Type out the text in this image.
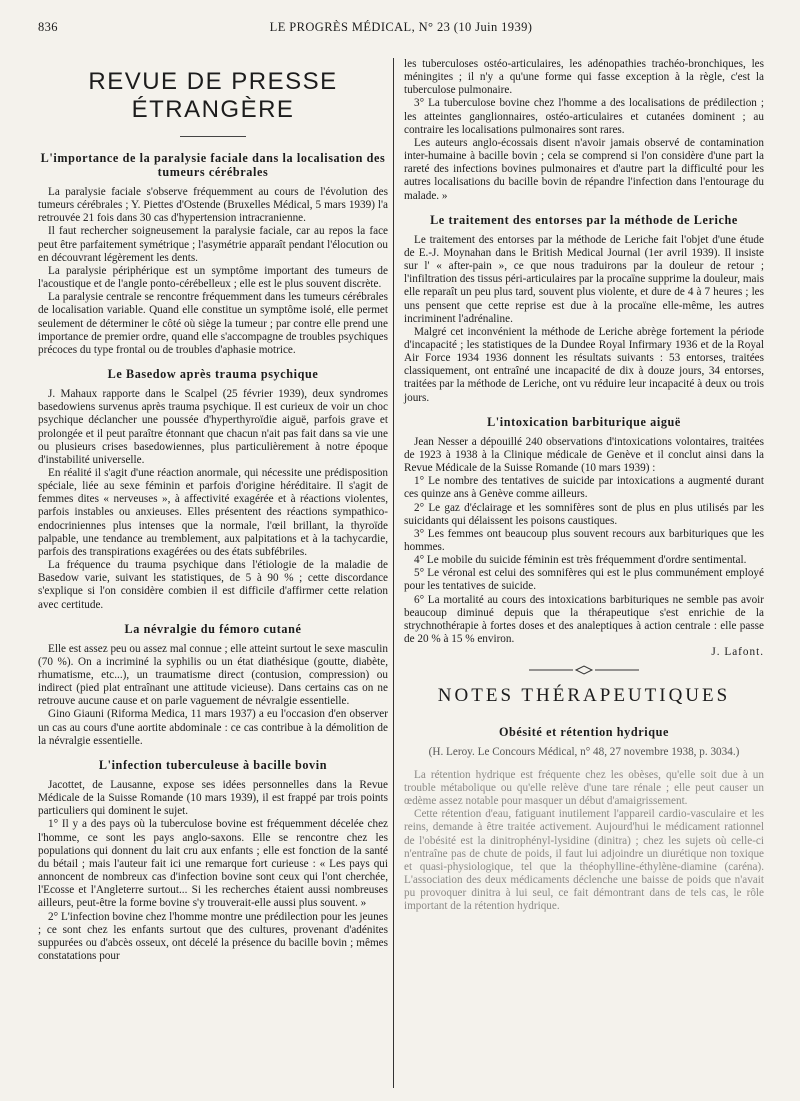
836	LE PROGRÈS MÉDICAL, N° 23 (10 Juin 1939)
REVUE DE PRESSE ÉTRANGÈRE
L'importance de la paralysie faciale dans la localisation des tumeurs cérébrales

La paralysie faciale s'observe fréquemment au cours de l'évolution des tumeurs cérébrales ; Y. Piettes d'Ostende (Bruxelles Médical, 5 mars 1939) l'a retrouvée 21 fois dans 30 cas d'hypertension intracranienne.

Il faut rechercher soigneusement la paralysie faciale, car au repos la face peut être parfaitement symétrique ; l'asymétrie apparaît pendant l'élocution ou en découvrant légèrement les dents.

La paralysie périphérique est un symptôme important des tumeurs de l'acoustique et de l'angle ponto-cérébelleux ; elle est le plus souvent discrète.

La paralysie centrale se rencontre fréquemment dans les tumeurs cérébrales de localisation variable. Quand elle constitue un symptôme isolé, elle permet seulement de déterminer le côté où siège la tumeur ; par contre elle prend une importance de premier ordre, quand elle s'accompagne de troubles psychiques précoces du type frontal ou de troubles d'aphasie motrice.

Le Basedow après trauma psychique

J. Mahaux rapporte dans le Scalpel (25 février 1939), deux syndromes basedowiens survenus après trauma psychique. Il est curieux de voir un choc psychique déclancher une poussée d'hyperthyroïdie aiguë, parfois grave et prolongée et il peut paraître étonnant que chacun n'ait pas fait dans sa vie une ou plusieurs crises basedowiennes, plus particulièrement à notre époque d'instabilité universelle.

En réalité il s'agit d'une réaction anormale, qui nécessite une prédisposition spéciale, liée au sexe féminin et parfois d'origine héréditaire. Il s'agit de femmes dites « nerveuses », à affectivité exagérée et à réactions violentes, parfois instables ou anxieuses. Elles présentent des réactions sympathico-endocriniennes plus intenses que la normale, l'œil brillant, la thyroïde palpable, une tendance au tremblement, aux palpitations et à la tachycardie, parfois des transpirations exagérées ou des états subfébriles.

La fréquence du trauma psychique dans l'étiologie de la maladie de Basedow varie, suivant les statistiques, de 5 à 90 % ; cette discordance s'explique si l'on considère combien il est difficile d'affirmer cette relation avec certitude.

La névralgie du fémoro cutané

Elle est assez peu ou assez mal connue ; elle atteint surtout le sexe masculin (70 %). On a incriminé la syphilis ou un état diathésique (goutte, diabète, rhumatisme, etc...), un traumatisme direct (contusion, compression) ou indirect (pied plat entraînant une attitude vicieuse). Dans certains cas on ne retrouve aucune cause et on parle vaguement de névralgie essentielle.

Gino Giauni (Riforma Medica, 11 mars 1937) a eu l'occasion d'en observer un cas au cours d'une aortite abdominale : ce cas contribue à la démolition de la névralgie essentielle.

L'infection tuberculeuse à bacille bovin

Jacottet, de Lausanne, expose ses idées personnelles dans la Revue Médicale de la Suisse Romande (10 mars 1939), il est frappé par trois points particuliers qui dominent le sujet.

1° Il y a des pays où la tuberculose bovine est fréquemment décelée chez l'homme, ce sont les pays anglo-saxons. Elle se rencontre chez les populations qui donnent du lait cru aux enfants ; elle est fonction de la santé du bétail ; mais l'auteur fait ici une remarque fort curieuse : « Les pays qui annoncent de nombreux cas d'infection bovine sont ceux qui l'ont cherchée, l'Ecosse et l'Angleterre surtout... Si les recherches étaient aussi nombreuses ailleurs, peut-être la forme bovine s'y trouverait-elle aussi plus souvent. »

2° L'infection bovine chez l'homme montre une prédilection pour les jeunes ; ce sont chez les enfants surtout que des cultures, provenant d'adénites suppurées ou d'abcès osseux, ont décelé la présence du bacille bovin ; mêmes constatations pour

les tuberculoses ostéo-articulaires, les adénopathies trachéo-bronchiques, les méningites ; il n'y a qu'une forme qui fasse exception à la règle, c'est la tuberculose pulmonaire.

3° La tuberculose bovine chez l'homme a des localisations de prédilection ; les atteintes ganglionnaires, ostéo-articulaires et cutanées dominent ; au contraire les localisations pulmonaires sont rares.

Les auteurs anglo-écossais disent n'avoir jamais observé de contamination inter-humaine à bacille bovin ; cela se comprend si l'on considère d'une part la rareté des infections bovines pulmonaires et d'autre part la difficulté pour les autres localisations du bacille bovin de répandre l'infection dans l'entourage du malade. »

Le traitement des entorses par la méthode de Leriche

Le traitement des entorses par la méthode de Leriche fait l'objet d'une étude de E.-J. Moynahan dans le British Medical Journal (1er avril 1939). Il insiste sur l' « after-pain », ce que nous traduirons par la douleur de retour ; l'infiltration des tissus péri-articulaires par la procaïne supprime la douleur, mais elle reparaît un peu plus tard, souvent plus violente, et dure de 4 à 7 heures ; les uns pensent que cette reprise est due à la procaïne elle-même, les autres incriminent l'adrénaline.

Malgré cet inconvénient la méthode de Leriche abrège fortement la période d'incapacité ; les statistiques de la Dundee Royal Infirmary 1936 et de la Royal Air Force 1934 1936 donnent les résultats suivants : 53 entorses, traitées classiquement, ont entraîné une incapacité de dix à douze jours, 34 entorses, traitées par la méthode de Leriche, ont vu réduire leur incapacité à deux ou trois jours.

L'intoxication barbiturique aiguë

Jean Nesser a dépouillé 240 observations d'intoxications volontaires, traitées de 1923 à 1938 à la Clinique médicale de Genève et il conclut ainsi dans la Revue Médicale de la Suisse Romande (10 mars 1939) :

1° Le nombre des tentatives de suicide par intoxications a augmenté durant ces quinze ans à Genève comme ailleurs.

2° Le gaz d'éclairage et les somnifères sont de plus en plus utilisés par les suicidants qui délaissent les poisons caustiques.

3° Les femmes ont beaucoup plus souvent recours aux barbituriques que les hommes.

4° Le mobile du suicide féminin est très fréquemment d'ordre sentimental.

5° Le véronal est celui des somnifères qui est le plus communément employé pour les tentatives de suicide.

6° La mortalité au cours des intoxications barbituriques ne semble pas avoir beaucoup diminué depuis que la thérapeutique s'est enrichie de la strychnothérapie à fortes doses et des analeptiques à action centrale : elle passe de 20 % à 15 % environ.

J. Lafont.
NOTES THÉRAPEUTIQUES
Obésité et rétention hydrique
(H. Leroy. Le Concours Médical, n° 48, 27 novembre 1938, p. 3034.)

La rétention hydrique est fréquente chez les obèses, qu'elle soit due à un trouble métabolique ou qu'elle relève d'une tare rénale ; elle peut causer un œdème assez notable pour masquer un début d'amaigrissement.

Cette rétention d'eau, fatiguant inutilement l'appareil cardio-vasculaire et les reins, demande à être traitée activement. Aujourd'hui le médicament rationnel de l'obésité est la dinitrophényl-lysidine (dinitra) ; chez les sujets où celle-ci n'entraîne pas de chute de poids, il faut lui adjoindre un diurétique non toxique et quasi-physiologique, tel que la théophylline-éthylène-diamine (caréna). L'association des deux médicaments déclenche une baisse de poids que n'avait pu provoquer dinitra à lui seul, ce fait démontrant dans de tels cas, le rôle important de la rétention hydrique.
